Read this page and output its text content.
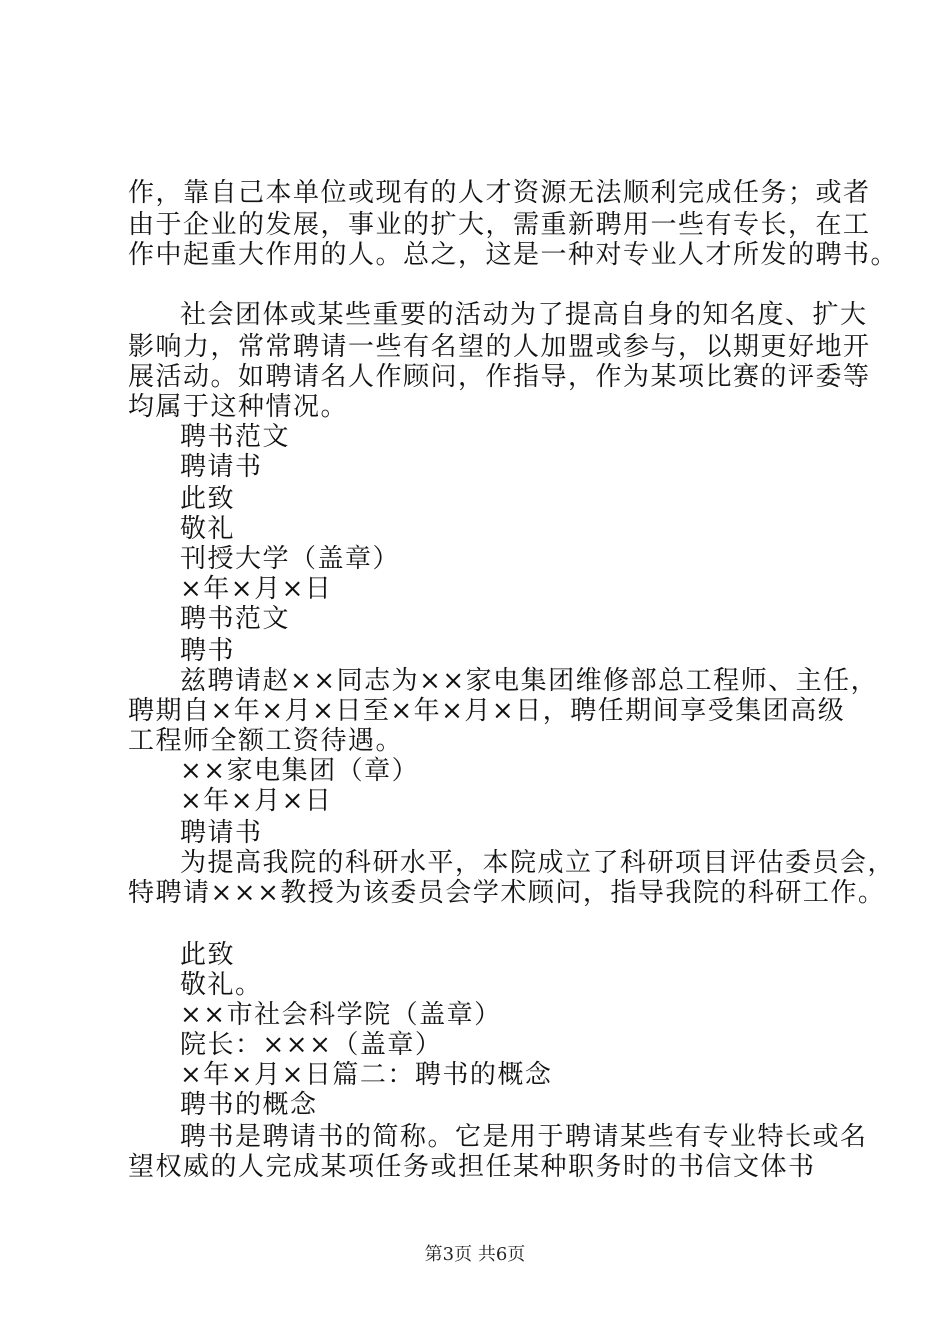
作，靠自己本单位或现有的人才资源无法顺利完成任务；或者
由于企业的发展，事业的扩大，需重新聘用一些有专长，在工
作中起重大作用的人。总之，这是一种对专业人才所发的聘书。
社会团体或某些重要的活动为了提高自身的知名度、扩大
影响力，常常聘请一些有名望的人加盟或参与，以期更好地开
展活动。如聘请名人作顾问，作指导，作为某项比赛的评委等
均属于这种情况。
聘书范文
聘请书
此致
敬礼
刊授大学（盖章）
×年×月×日
聘书范文
聘书
兹聘请赵××同志为××家电集团维修部总工程师、主任，
聘期自×年×月×日至×年×月×日，聘任期间享受集团高级
工程师全额工资待遇。
××家电集团（章）
×年×月×日
聘请书
为提高我院的科研水平，本院成立了科研项目评估委员会，
特聘请×××教授为该委员会学术顾问，指导我院的科研工作。
此致
敬礼。
××市社会科学院（盖章）
院长：×××（盖章）
×年×月×日篇二：聘书的概念
聘书的概念
聘书是聘请书的简称。它是用于聘请某些有专业特长或名
望权威的人完成某项任务或担任某种职务时的书信文体书
第3页 共6页
